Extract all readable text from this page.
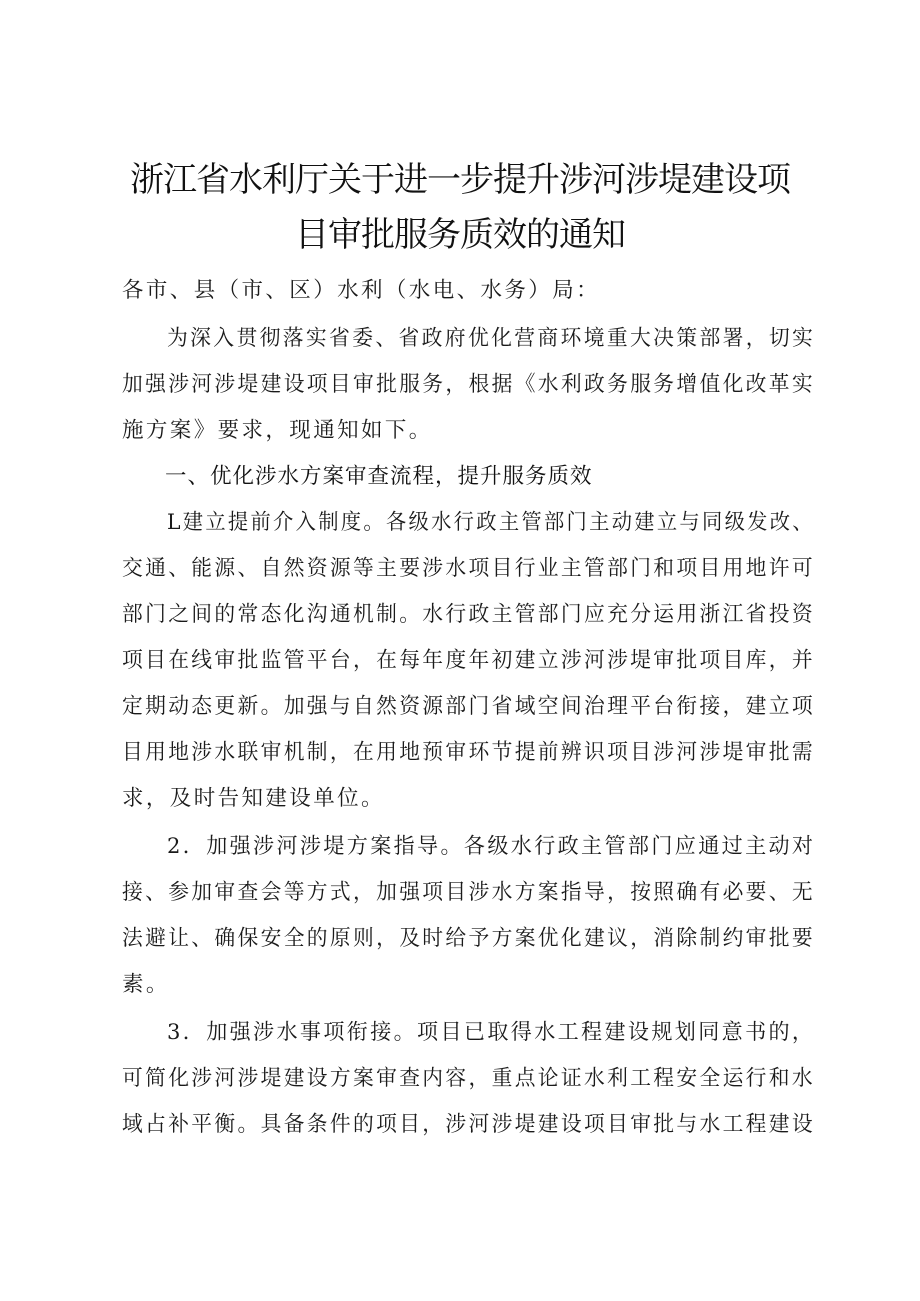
浙江省水利厅关于进一步提升涉河涉堤建设项
目审批服务质效的通知
各市、县（市、区）水利（水电、水务）局：
为深入贯彻落实省委、省政府优化营商环境重大决策部署，切实
加强涉河涉堤建设项目审批服务，根据《水利政务服务增值化改革实
施方案》要求，现通知如下。
一、优化涉水方案审查流程，提升服务质效
L建立提前介入制度。各级水行政主管部门主动建立与同级发改、
交通、能源、自然资源等主要涉水项目行业主管部门和项目用地许可
部门之间的常态化沟通机制。水行政主管部门应充分运用浙江省投资
项目在线审批监管平台，在每年度年初建立涉河涉堤审批项目库，并
定期动态更新。加强与自然资源部门省域空间治理平台衔接，建立项
目用地涉水联审机制，在用地预审环节提前辨识项目涉河涉堤审批需
求，及时告知建设单位。
2．加强涉河涉堤方案指导。各级水行政主管部门应通过主动对
接、参加审查会等方式，加强项目涉水方案指导，按照确有必要、无
法避让、确保安全的原则，及时给予方案优化建议，消除制约审批要
素。
3．加强涉水事项衔接。项目已取得水工程建设规划同意书的，
可简化涉河涉堤建设方案审查内容，重点论证水利工程安全运行和水
域占补平衡。具备条件的项目，涉河涉堤建设项目审批与水工程建设
